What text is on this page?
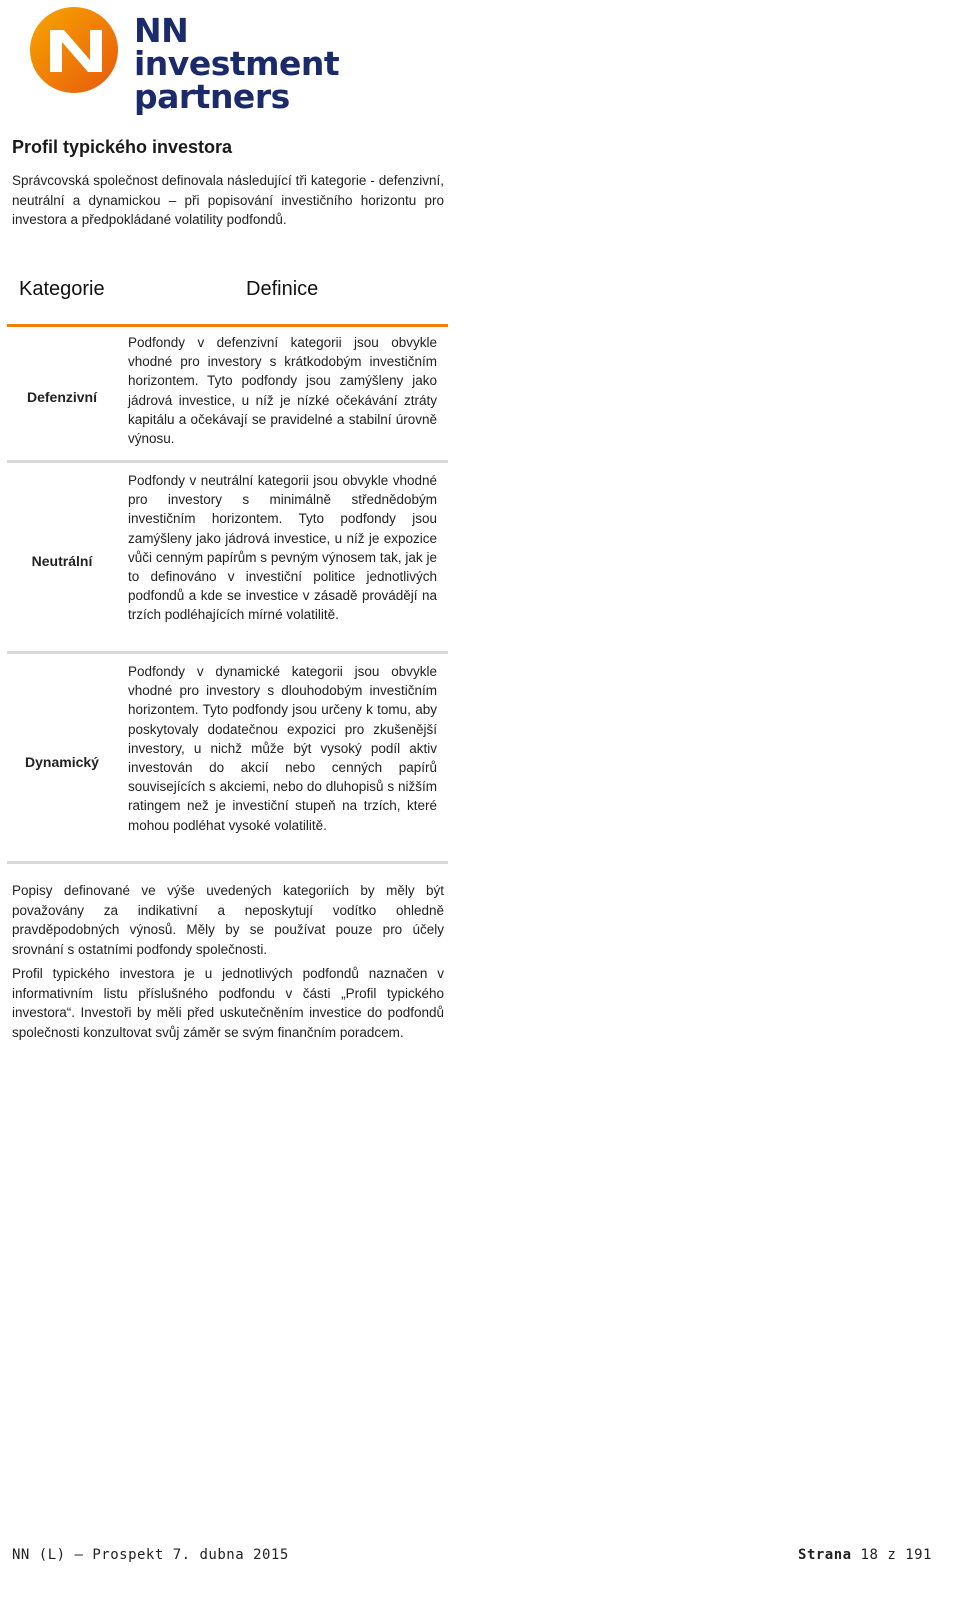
NN investment
partners
Profil typického investora

Správcovská společnost definovala následující tři kategorie - defenzivní, neutrální a dynamickou – při popisování investičního horizontu pro investora a předpokládané volatility podfondů.

Kategorie	Definice
Defenzivní
Podfondy v defenzivní kategorii jsou obvykle vhodné pro investory s krátkodobým investičním horizontem. Tyto podfondy jsou zamýšleny jako jádrová investice, u níž je nízké očekávání ztráty kapitálu a očekávají se pravidelné a stabilní úrovně výnosu.
Neutrální
Podfondy v neutrální kategorii jsou obvykle vhodné pro investory s minimálně střednědobým investičním horizontem. Tyto podfondy jsou zamýšleny jako jádrová investice, u níž je expozice vůči cenným papírům s pevným výnosem tak, jak je to definováno v investiční politice jednotlivých podfondů a kde se investice v zásadě provádějí na trzích podléhajících mírné volatilitě.
Dynamický
Podfondy v dynamické kategorii jsou obvykle vhodné pro investory s dlouhodobým investičním horizontem. Tyto podfondy jsou určeny k tomu, aby poskytovaly dodatečnou expozici pro zkušenější investory, u nichž může být vysoký podíl aktiv investován do akcií nebo cenných papírů souvisejících s akciemi, nebo do dluhopisů s nižším ratingem než je investiční stupeň na trzích, které mohou podléhat vysoké volatilitě.

Popisy definované ve výše uvedených kategoriích by měly být považovány za indikativní a neposkytují vodítko ohledně pravděpodobných výnosů. Měly by se používat pouze pro účely srovnání s ostatními podfondy společnosti.

Profil typického investora je u jednotlivých podfondů naznačen v informativním listu příslušného podfondu v části „Profil typického investora“. Investoři by měli před uskutečněním investice do podfondů společnosti konzultovat svůj záměr se svým finančním poradcem.

NN (L) – Prospekt 7. dubna 2015	Strana 18 z 191
